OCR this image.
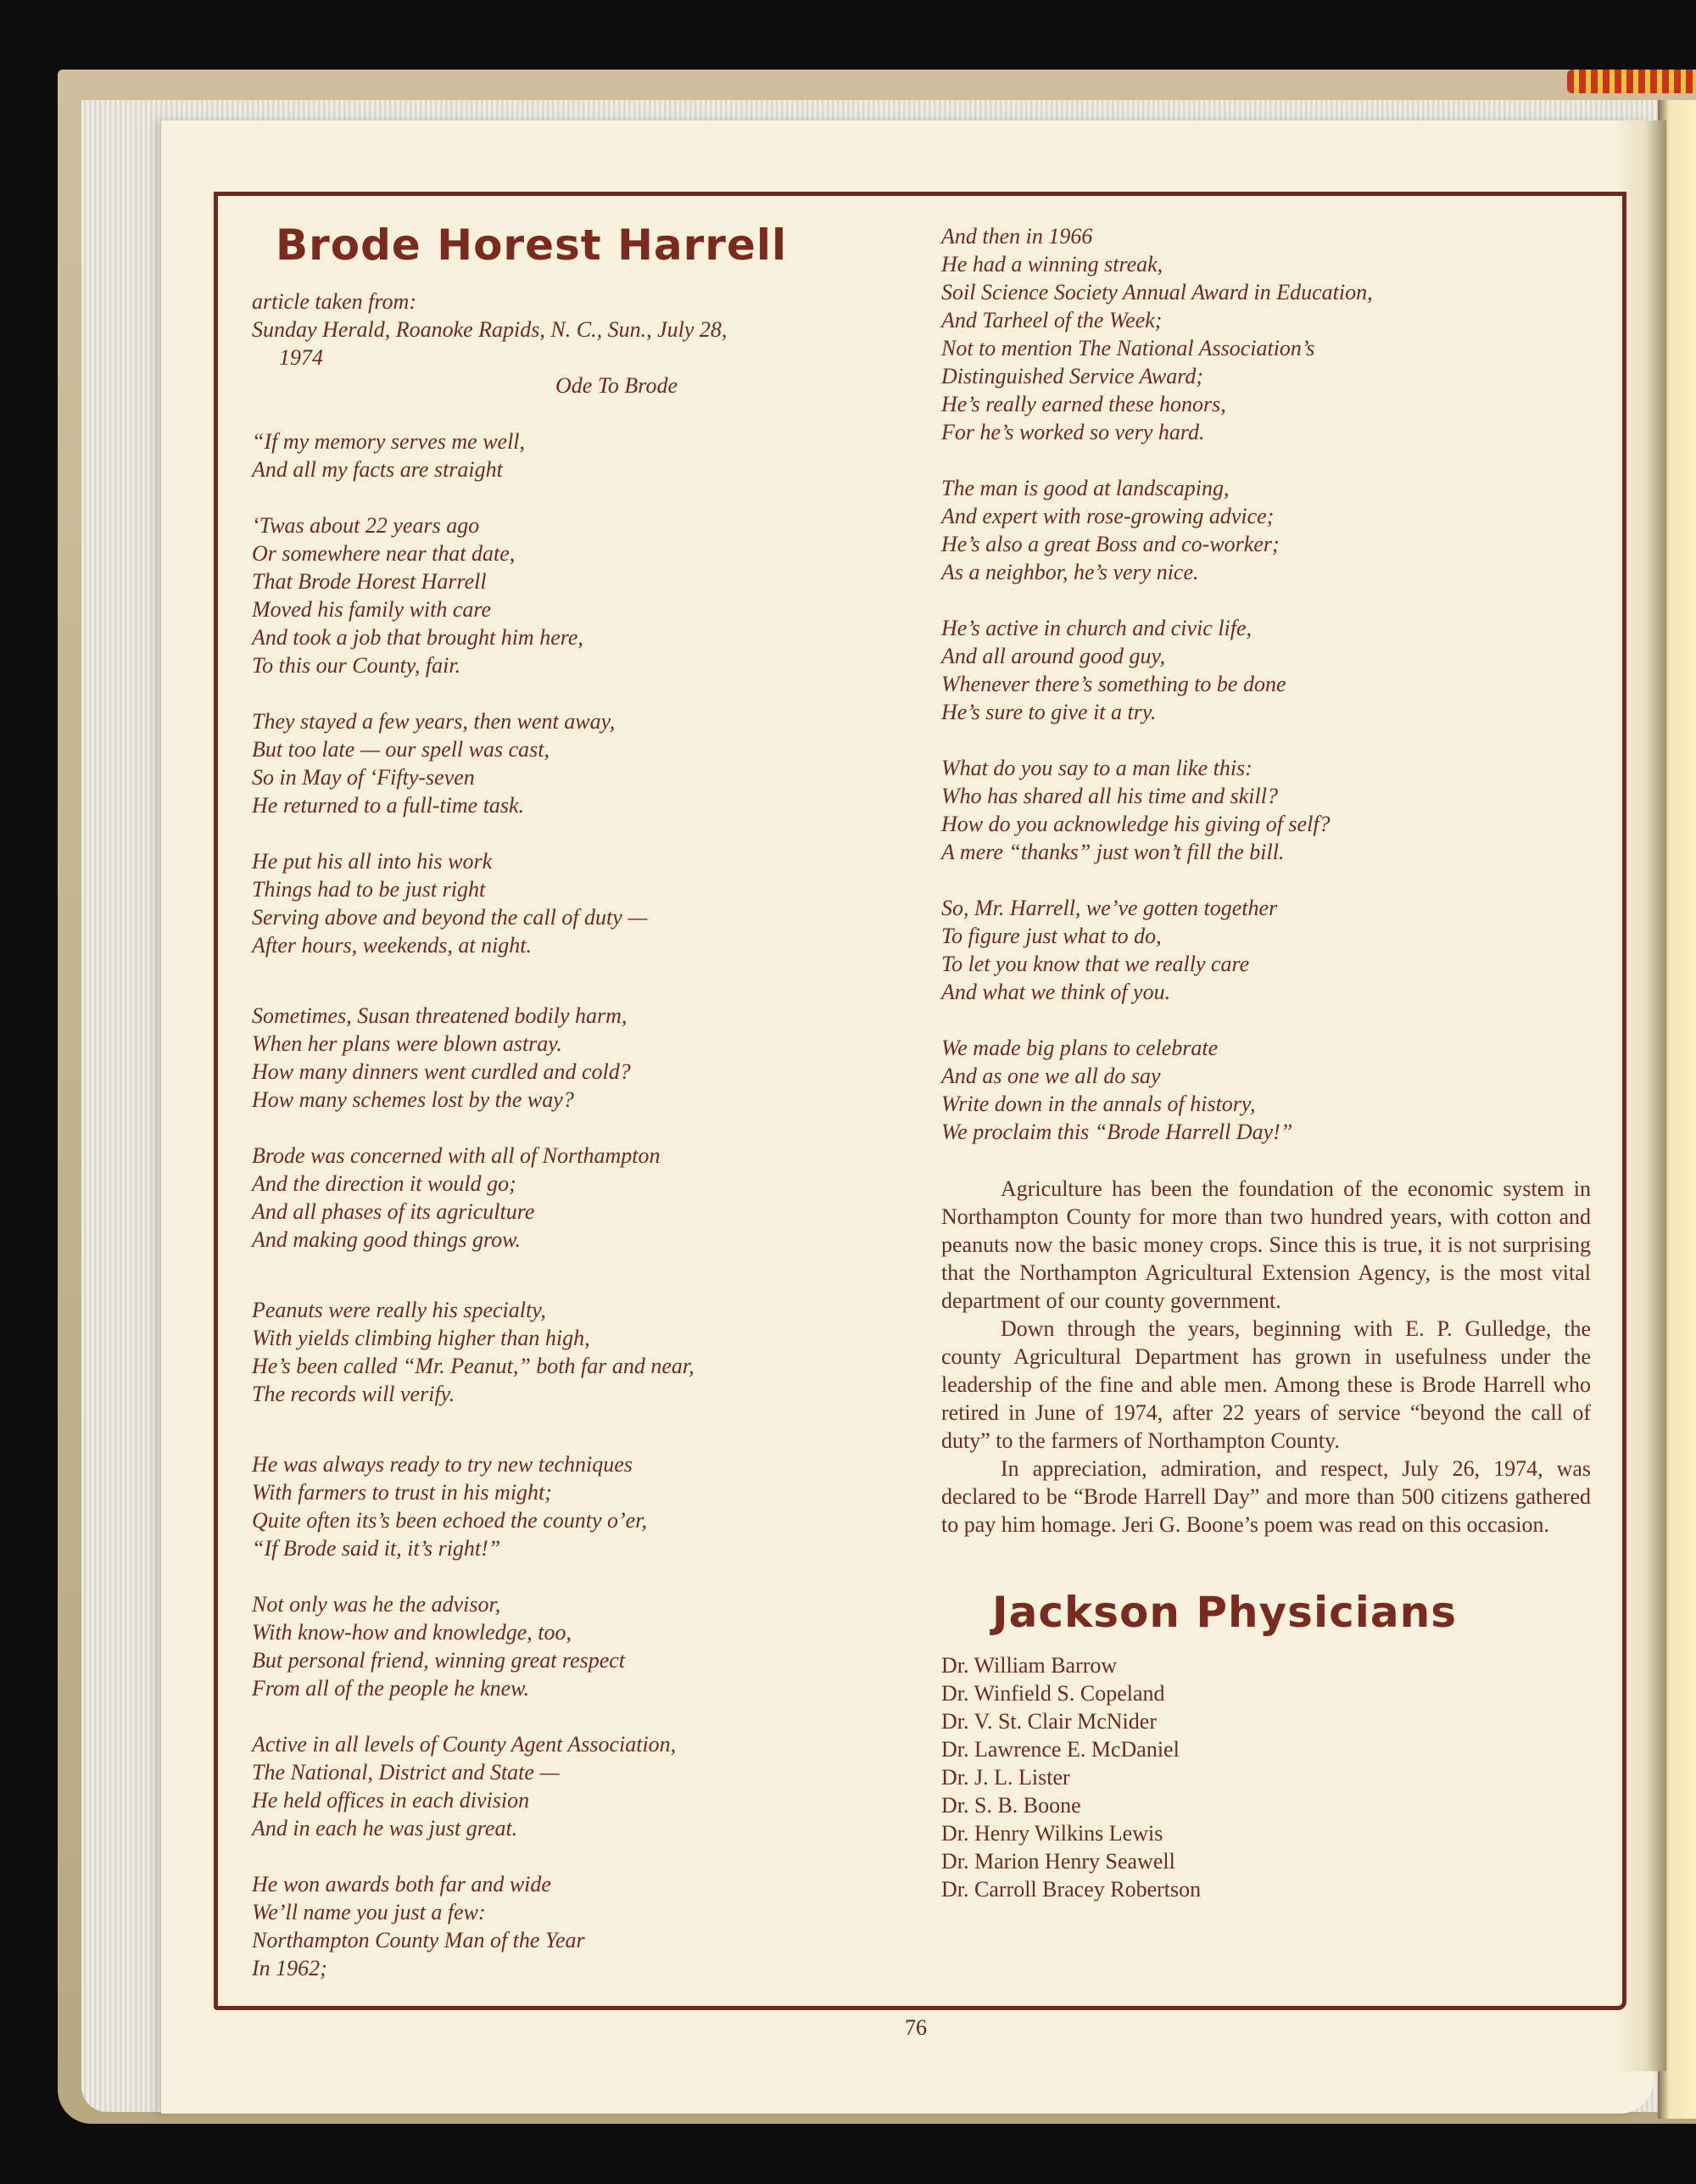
Brode Horest Harrell
article taken from:
Sunday Herald, Roanoke Rapids, N. C., Sun., July 28,
1974
Ode To Brode
“If my memory serves me well,
And all my facts are straight
‘Twas about 22 years ago
Or somewhere near that date,
That Brode Horest Harrell
Moved his family with care
And took a job that brought him here,
To this our County, fair.
They stayed a few years, then went away,
But too late — our spell was cast,
So in May of ‘Fifty-seven
He returned to a full-time task.
He put his all into his work
Things had to be just right
Serving above and beyond the call of duty —
After hours, weekends, at night.
Sometimes, Susan threatened bodily harm,
When her plans were blown astray.
How many dinners went curdled and cold?
How many schemes lost by the way?
Brode was concerned with all of Northampton
And the direction it would go;
And all phases of its agriculture
And making good things grow.
Peanuts were really his specialty,
With yields climbing higher than high,
He’s been called “Mr. Peanut,” both far and near,
The records will verify.
He was always ready to try new techniques
With farmers to trust in his might;
Quite often its’s been echoed the county o’er,
“If Brode said it, it’s right!”
Not only was he the advisor,
With know-how and knowledge, too,
But personal friend, winning great respect
From all of the people he knew.
Active in all levels of County Agent Association,
The National, District and State —
He held offices in each division
And in each he was just great.
He won awards both far and wide
We’ll name you just a few:
Northampton County Man of the Year
In 1962;
And then in 1966
He had a winning streak,
Soil Science Society Annual Award in Education,
And Tarheel of the Week;
Not to mention The National Association’s
Distinguished Service Award;
He’s really earned these honors,
For he’s worked so very hard.
The man is good at landscaping,
And expert with rose-growing advice;
He’s also a great Boss and co-worker;
As a neighbor, he’s very nice.
He’s active in church and civic life,
And all around good guy,
Whenever there’s something to be done
He’s sure to give it a try.
What do you say to a man like this:
Who has shared all his time and skill?
How do you acknowledge his giving of self?
A mere “thanks” just won’t fill the bill.
So, Mr. Harrell, we’ve gotten together
To figure just what to do,
To let you know that we really care
And what we think of you.
We made big plans to celebrate
And as one we all do say
Write down in the annals of history,
We proclaim this “Brode Harrell Day!”

Agriculture has been the foundation of the economic system in Northampton County for more than two hundred years, with cotton and peanuts now the basic money crops. Since this is true, it is not surprising that the Northampton Agricultural Extension Agency, is the most vital department of our county government.

Down through the years, beginning with E. P. Gulledge, the county Agricultural Department has grown in usefulness under the leadership of the fine and able men. Among these is Brode Harrell who retired in June of 1974, after 22 years of service “beyond the call of duty” to the farmers of Northampton County.

In appreciation, admiration, and respect, July 26, 1974, was declared to be “Brode Harrell Day” and more than 500 citizens gathered to pay him homage. Jeri G. Boone’s poem was read on this occasion.

Jackson Physicians
Dr. William Barrow
Dr. Winfield S. Copeland
Dr. V. St. Clair McNider
Dr. Lawrence E. McDaniel
Dr. J. L. Lister
Dr. S. B. Boone
Dr. Henry Wilkins Lewis
Dr. Marion Henry Seawell
Dr. Carroll Bracey Robertson
76
